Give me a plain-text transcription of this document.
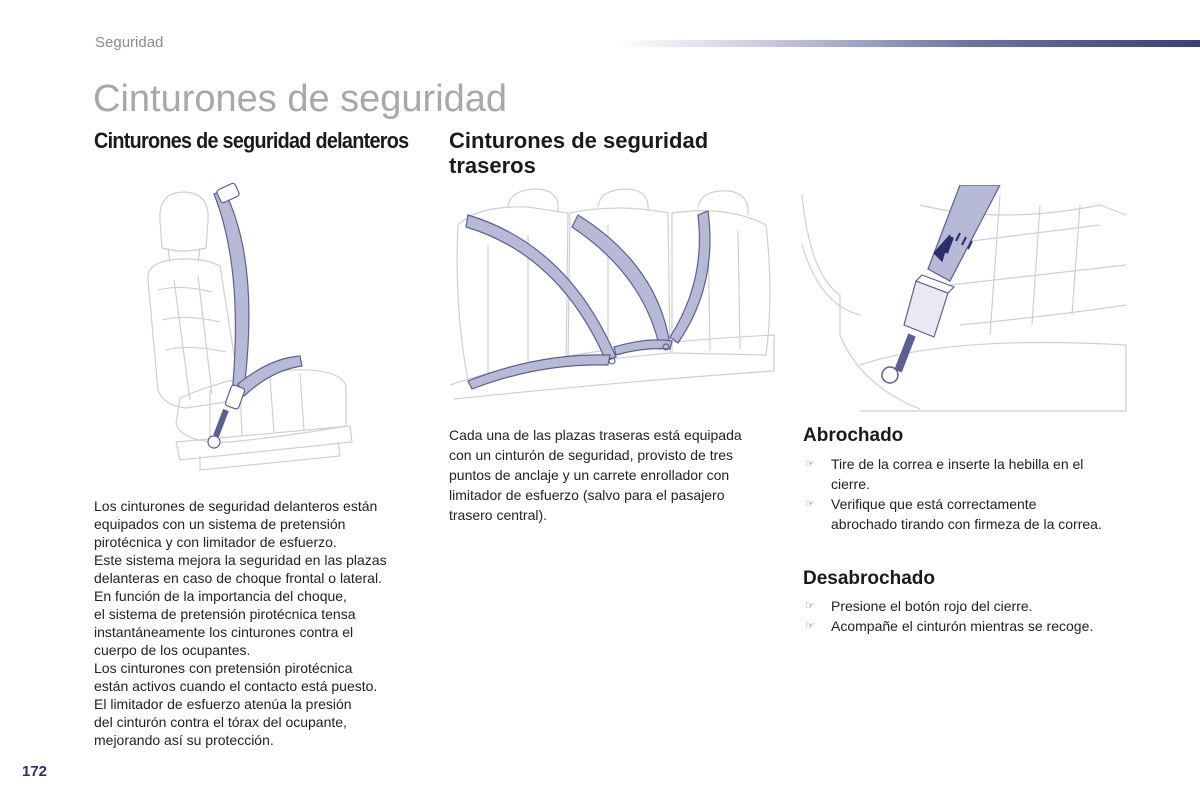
Seguridad
Cinturones de seguridad
Cinturones de seguridad delanteros

Los cinturones de seguridad delanteros están
equipados con un sistema de pretensión
pirotécnica y con limitador de esfuerzo.
Este sistema mejora la seguridad en las plazas
delanteras en caso de choque frontal o lateral.
En función de la importancia del choque,
el sistema de pretensión pirotécnica tensa
instantáneamente los cinturones contra el
cuerpo de los ocupantes.
Los cinturones con pretensión pirotécnica
están activos cuando el contacto está puesto.
El limitador de esfuerzo atenúa la presión
del cinturón contra el tórax del ocupante,
mejorando así su protección.

Cinturones de seguridad
traseros

Cada una de las plazas traseras está equipada
con un cinturón de seguridad, provisto de tres
puntos de anclaje y un carrete enrollador con
limitador de esfuerzo (salvo para el pasajero
trasero central).

Abrochado
☞ Tire de la correa e inserte la hebilla en el
cierre.
☞ Verifique que está correctamente
abrochado tirando con firmeza de la correa.
Desabrochado
☞ Presione el botón rojo del cierre.
☞ Acompañe el cinturón mientras se recoge.
172
